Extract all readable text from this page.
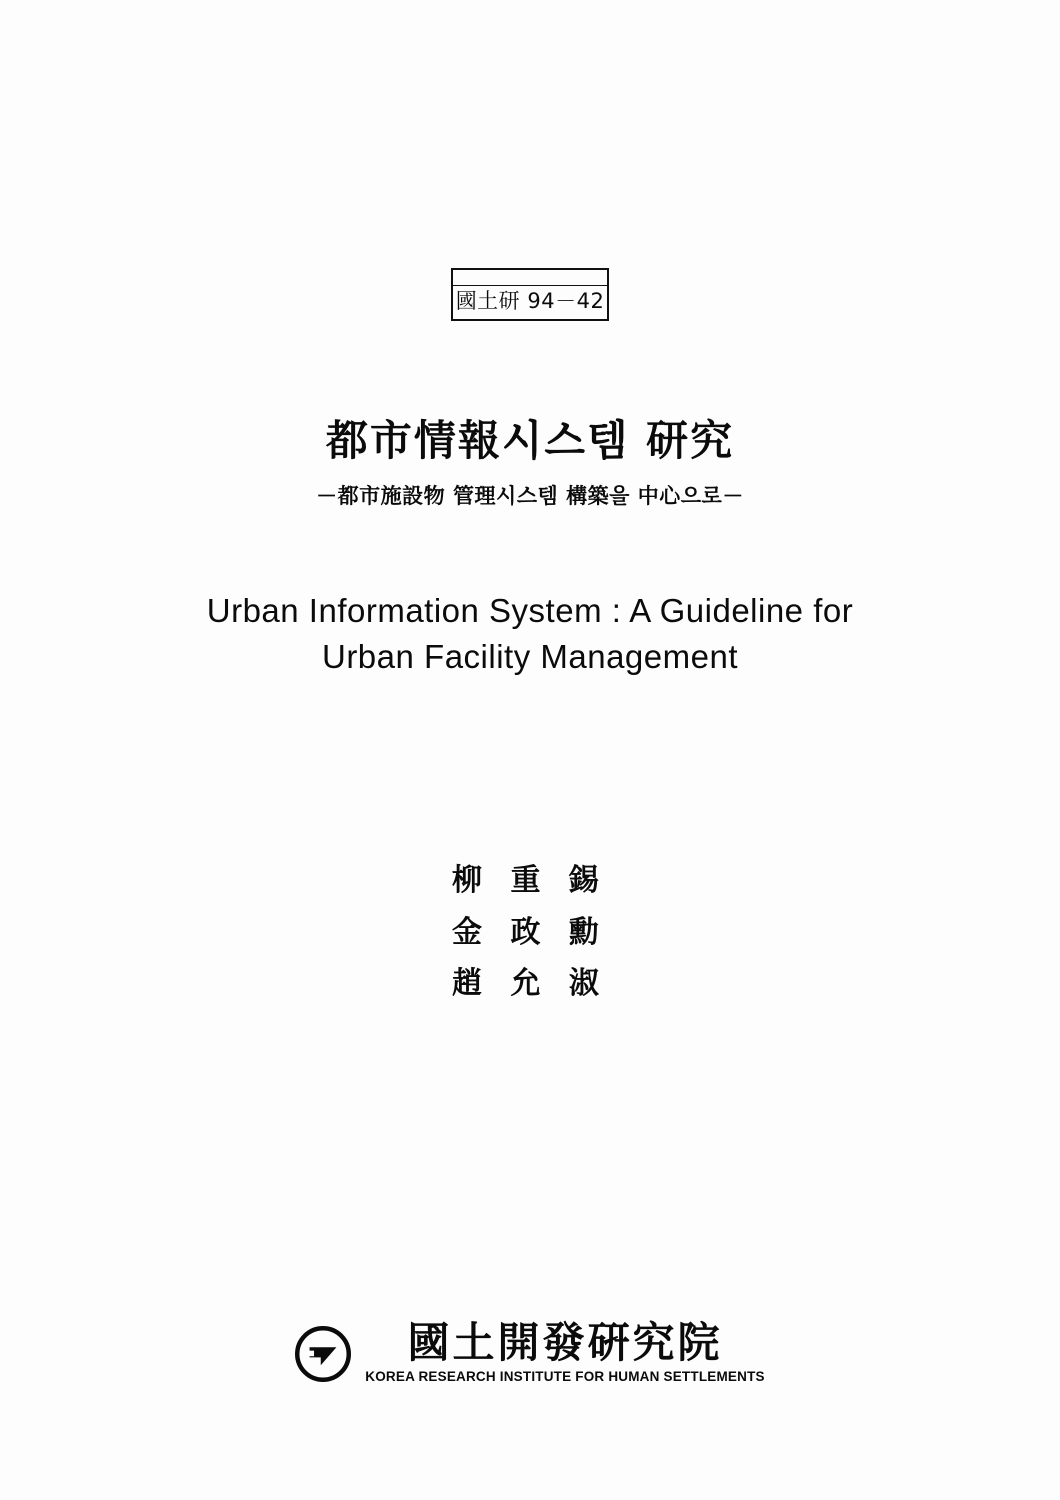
國土研 94－42
都市情報시스템 研究

－都市施設物 管理시스템 構築을 中心으로－

Urban Information System : A Guideline for
Urban Facility Management
柳 重 錫
金 政 勳
趙 允 淑
國土開發硏究院
KOREA RESEARCH INSTITUTE FOR HUMAN SETTLEMENTS
